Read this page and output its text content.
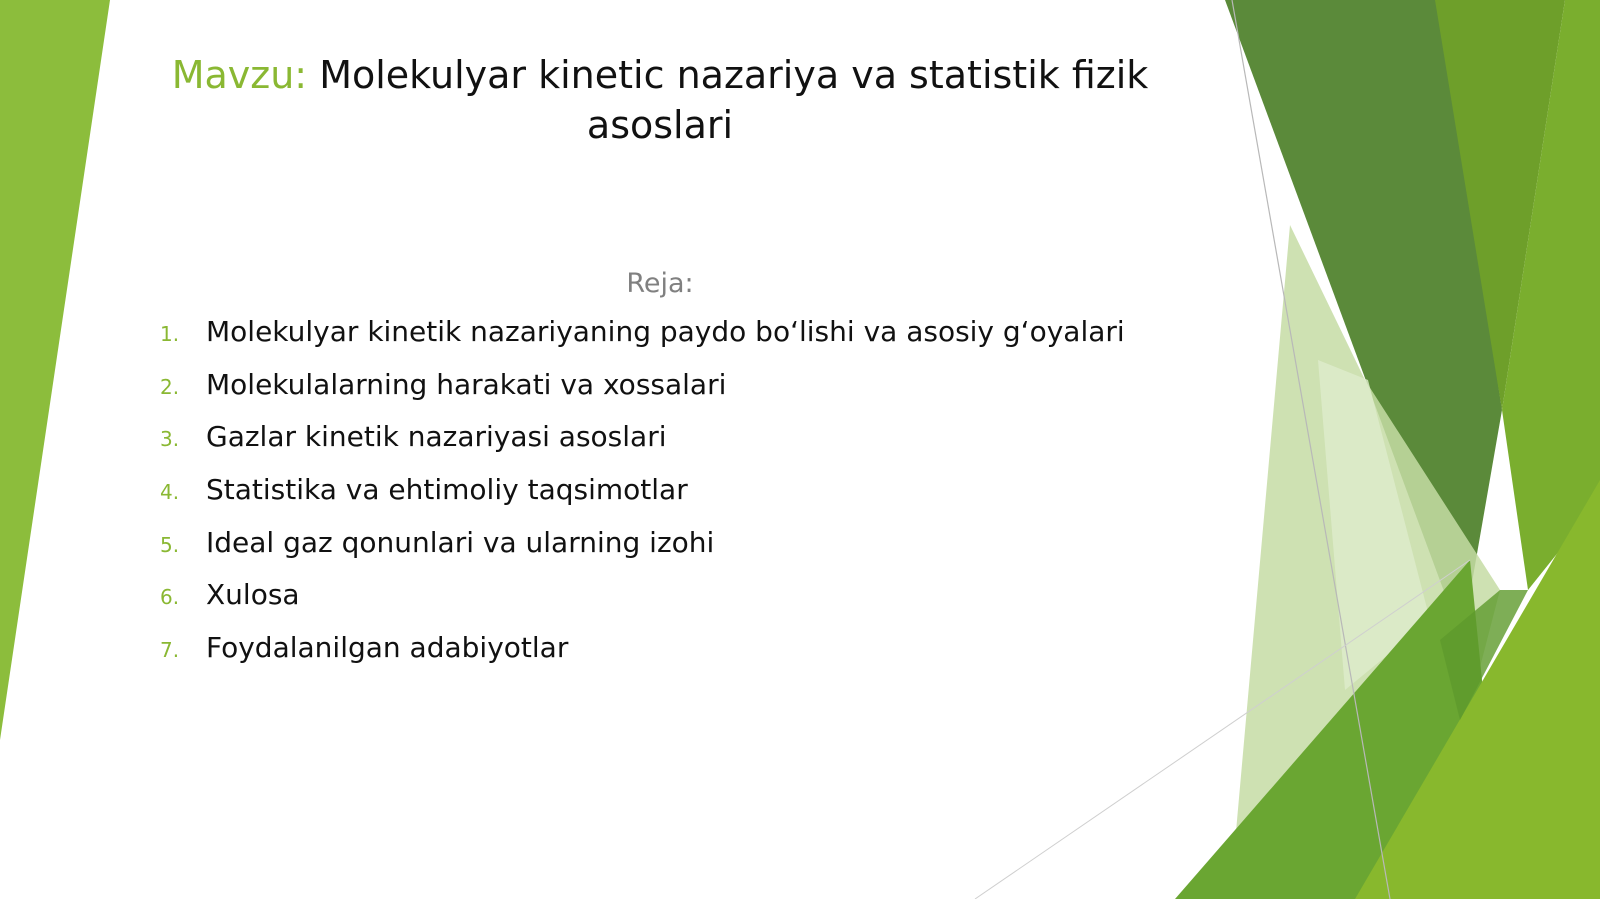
Mavzu: Molekulyar kinetic nazariya va statistik fizik asoslari
Reja:
1. Molekulyar kinetik nazariyaning paydo bo‘lishi va asosiy g‘oyalari
2. Molekulalarning harakati va xossalari
3. Gazlar kinetik nazariyasi asoslari
4. Statistika va ehtimoliy taqsimotlar
5. Ideal gaz qonunlari va ularning izohi
6. Xulosa
7. Foydalanilgan adabiyotlar
